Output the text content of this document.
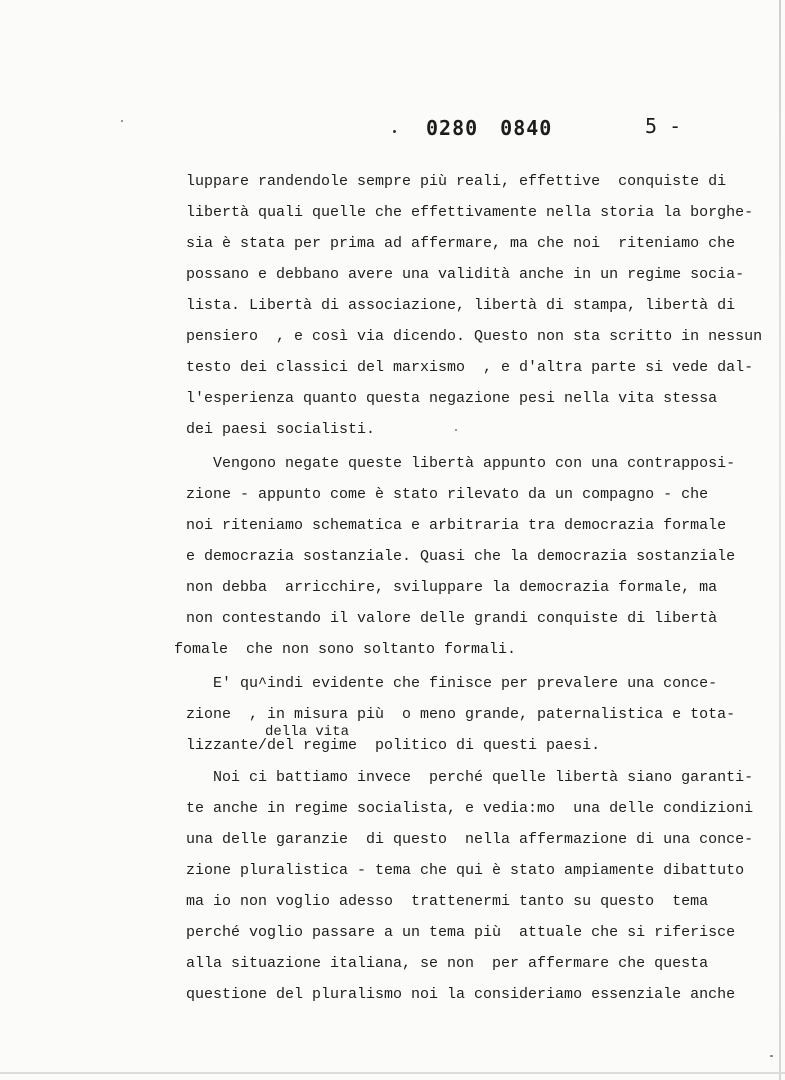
0280 0840	5 -
luppare randendole sempre più reali, effettive  conquiste di
libertà quali quelle che effettivamente nella storia la borghe-
sia è stata per prima ad affermare, ma che noi  riteniamo che
possano e debbano avere una validità anche in un regime socia-
lista. Libertà di associazione, libertà di stampa, libertà di
pensiero  , e così via dicendo. Questo non sta scritto in nessun
testo dei classici del marxismo  , e d'altra parte si vede dal-
l'esperienza quanto questa negazione pesi nella vita stessa
dei paesi socialisti.
Vengono negate queste libertà appunto con una contrapposi-
zione - appunto come è stato rilevato da un compagno - che
noi riteniamo schematica e arbitraria tra democrazia formale
e democrazia sostanziale. Quasi che la democrazia sostanziale
non debba  arricchire, sviluppare la democrazia formale, ma
non contestando il valore delle grandi conquiste di libertà
fomale  che non sono soltanto formali.
E' qu^indi evidente che finisce per prevalere una conce-
zione  , in misura più  o meno grande, paternalistica e tota-
della vita
lizzante/del regime  politico di questi paesi.
Noi ci battiamo invece  perché quelle libertà siano garanti-
te anche in regime socialista, e vedia:mo  una delle condizioni
una delle garanzie  di questo  nella affermazione di una conce-
zione pluralistica - tema che qui è stato ampiamente dibattuto
ma io non voglio adesso  trattenermi tanto su questo  tema
perché voglio passare a un tema più  attuale che si riferisce
alla situazione italiana, se non  per affermare che questa
questione del pluralismo noi la consideriamo essenziale anche
